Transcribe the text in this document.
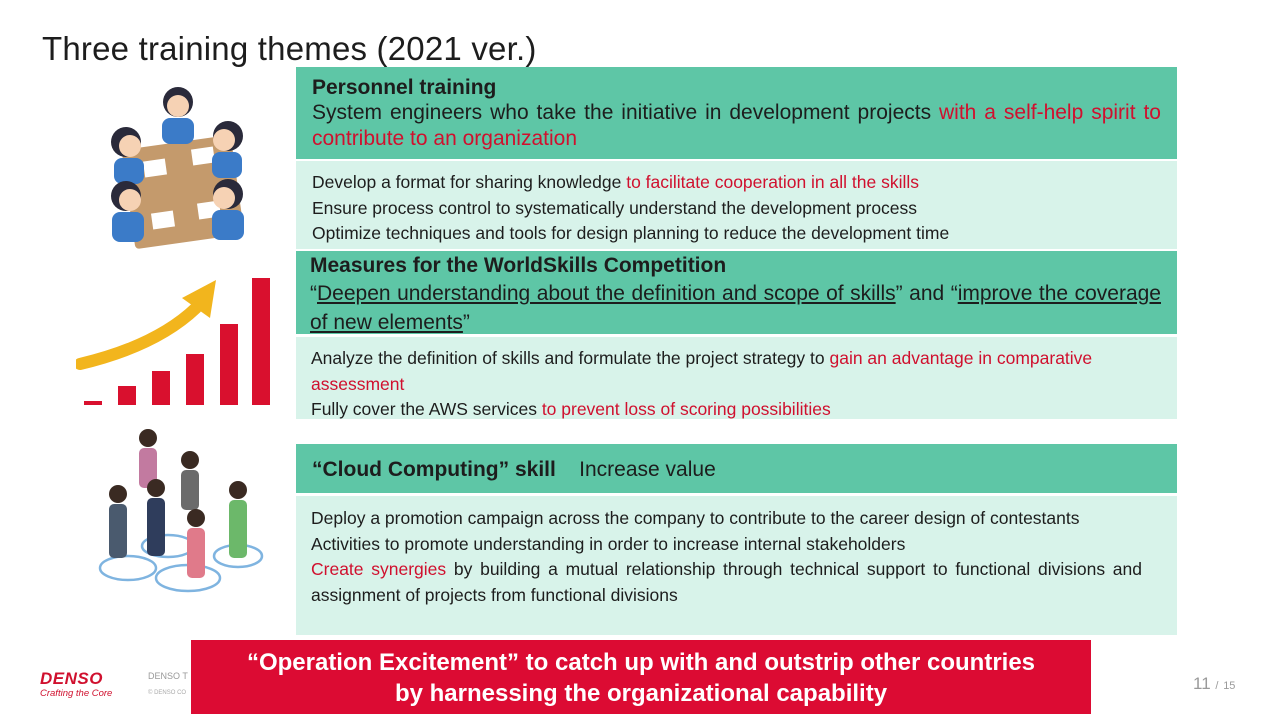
Three training themes (2021 ver.)
Personnel training
System engineers who take the initiative in development projects with a self-help spirit to contribute to an organization
Develop a format for sharing knowledge to facilitate cooperation in all the skills
Ensure process control to systematically understand the development process
Optimize techniques and tools for design planning to reduce the development time
Measures for the WorldSkills Competition
“Deepen understanding about the definition and scope of skills” and “improve the coverage of new elements”
Analyze the definition of skills and formulate the project strategy to gain an advantage in comparative assessment
Fully cover the AWS services to prevent loss of scoring possibilities
“Cloud Computing” skill Increase value
Deploy a promotion campaign across the company to contribute to the career design of contestants
Activities to promote understanding in order to increase internal stakeholders
Create synergies by building a mutual relationship through technical support to functional divisions and assignment of projects from functional divisions
DENSO
Crafting the Core
DENSO T
© DENSO CO
“Operation Excitement” to catch up with and outstrip other countries
by harnessing the organizational capability	11 / 15
